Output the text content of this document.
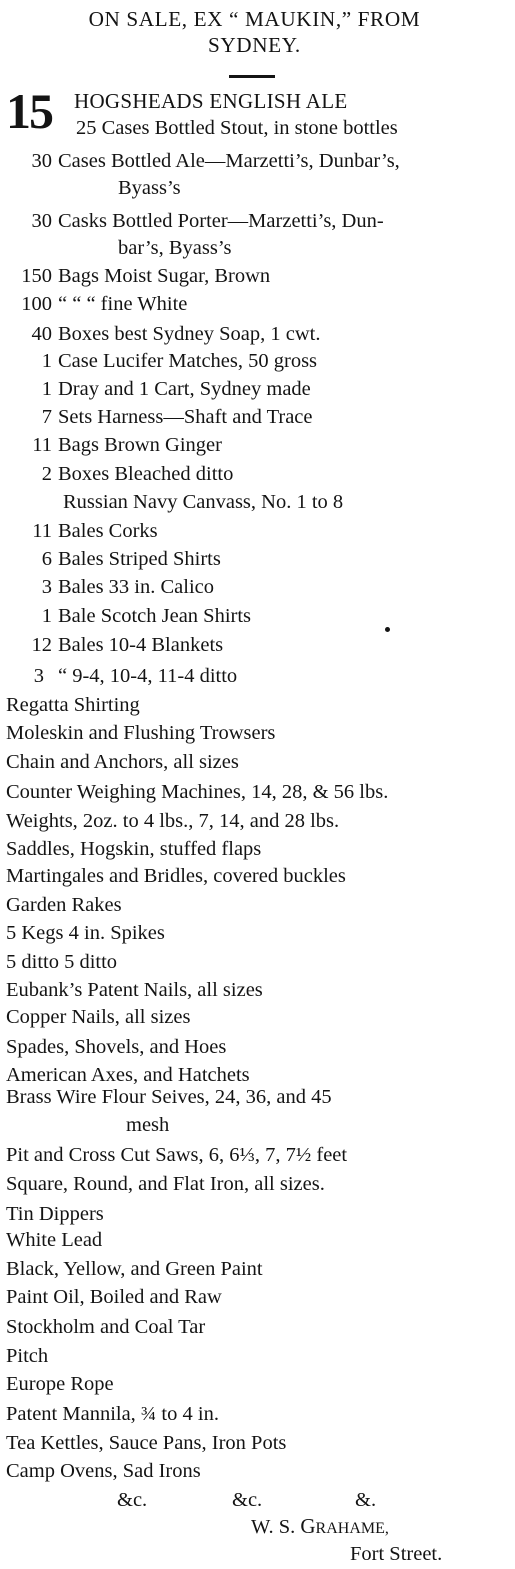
ON SALE, EX “ MAUKIN,” FROM
SYDNEY.
15 HOGSHEADS ENGLISH ALE
25 Cases Bottled Stout, in stone bottles
30 Cases Bottled Ale—Marzetti’s, Dunbar’s,
Byass’s
30 Casks Bottled Porter—Marzetti’s, Dun-
bar’s, Byass’s
150 Bags Moist Sugar, Brown
100 “ “ “ fine White
40 Boxes best Sydney Soap, 1 cwt.
1 Case Lucifer Matches, 50 gross
1 Dray and 1 Cart, Sydney made
7 Sets Harness—Shaft and Trace
11 Bags Brown Ginger
2 Boxes Bleached ditto
Russian Navy Canvass, No. 1 to 8
11 Bales Corks
6 Bales Striped Shirts
3 Bales 33 in. Calico
1 Bale Scotch Jean Shirts
12 Bales 10-4 Blankets
3 “ 9-4, 10-4, 11-4 ditto
Regatta Shirting
Moleskin and Flushing Trowsers
Chain and Anchors, all sizes
Counter Weighing Machines, 14, 28, & 56 lbs.
Weights, 2oz. to 4 lbs., 7, 14, and 28 lbs.
Saddles, Hogskin, stuffed flaps
Martingales and Bridles, covered buckles
Garden Rakes
5 Kegs 4 in. Spikes
5 ditto 5 ditto
Eubank’s Patent Nails, all sizes
Copper Nails, all sizes
Spades, Shovels, and Hoes
American Axes, and Hatchets
Brass Wire Flour Seives, 24, 36, and 45
mesh
Pit and Cross Cut Saws, 6, 6⅓, 7, 7½ feet
Square, Round, and Flat Iron, all sizes.
Tin Dippers
White Lead
Black, Yellow, and Green Paint
Paint Oil, Boiled and Raw
Stockholm and Coal Tar
Pitch
Europe Rope
Patent Mannila, ¾ to 4 in.
Tea Kettles, Sauce Pans, Iron Pots
Camp Ovens, Sad Irons
&c.	&c.	&.
W. S. GRAHAME,
Fort Street.
